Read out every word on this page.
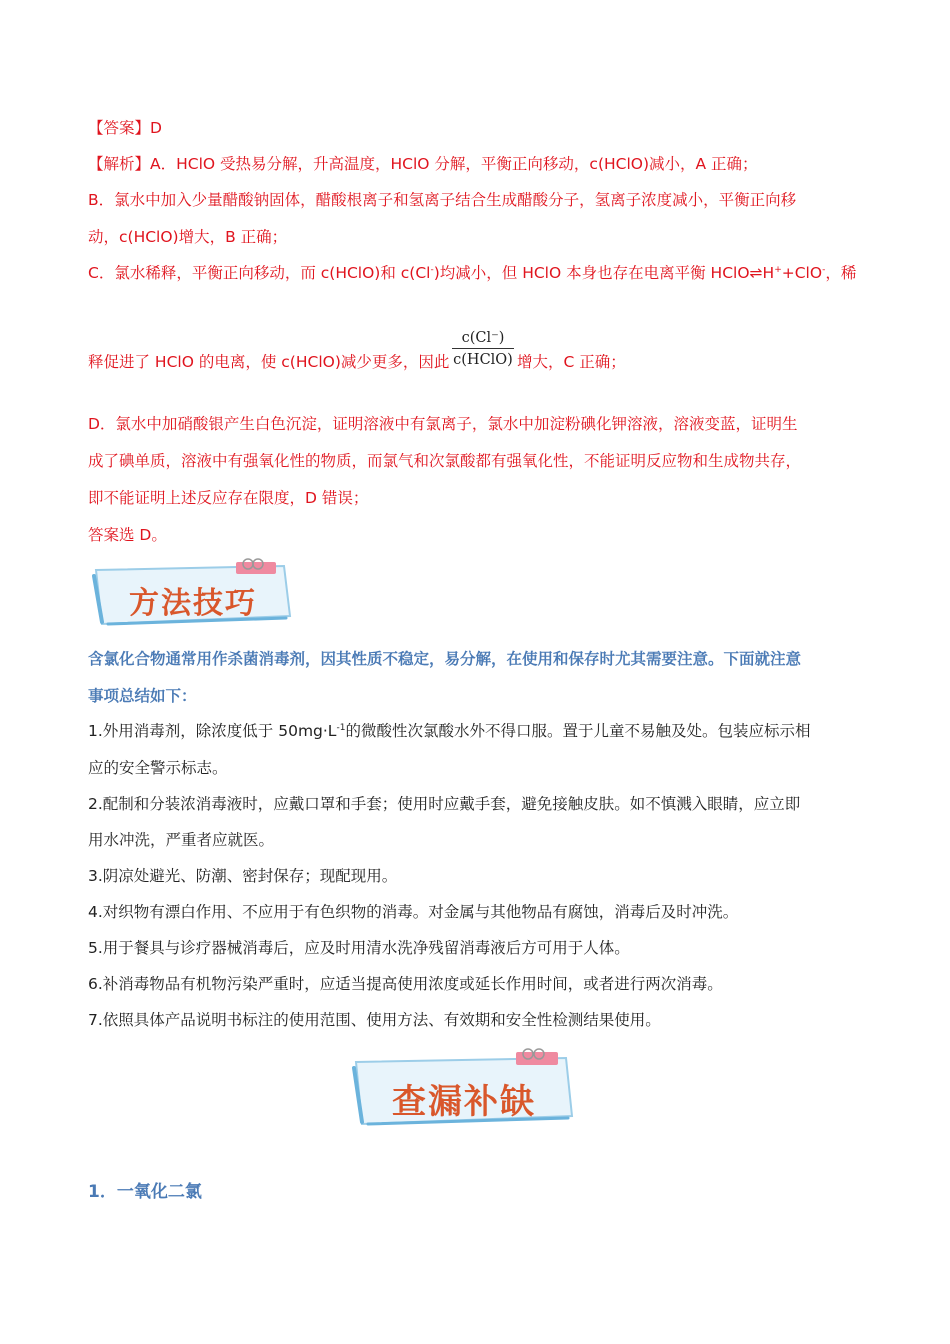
【答案】D
【解析】A．HClO 受热易分解，升高温度，HClO 分解，平衡正向移动，c(HClO)减小，A 正确；
B．氯水中加入少量醋酸钠固体，醋酸根离子和氢离子结合生成醋酸分子，氢离子浓度减小，平衡正向移
动，c(HClO)增大，B 正确；
C．氯水稀释，平衡正向移动，而 c(HClO)和 c(Cl-)均减小，但 HClO 本身也存在电离平衡 HClO⇌H++ClO-，稀
c(Cl⁻)
c(HClO)
释促进了 HClO 的电离，使 c(HClO)减少更多，因此	增大，C 正确；
D．氯水中加硝酸银产生白色沉淀，证明溶液中有氯离子，氯水中加淀粉碘化钾溶液，溶液变蓝，证明生
成了碘单质，溶液中有强氧化性的物质，而氯气和次氯酸都有强氧化性，不能证明反应物和生成物共存，
即不能证明上述反应存在限度，D 错误；
答案选 D。
方法技巧
含氯化合物通常用作杀菌消毒剂，因其性质不稳定，易分解，在使用和保存时尤其需要注意。下面就注意
事项总结如下：
1.外用消毒剂，除浓度低于 $50mg\cdot L^{-1}$的微酸性次氯酸水外不得口服。置于儿童不易触及处。包装应标示相
应的安全警示标志。
2.配制和分装浓消毒液时，应戴口罩和手套；使用时应戴手套，避免接触皮肤。如不慎溅入眼睛，应立即
用水冲洗，严重者应就医。
3.阴凉处避光、防潮、密封保存；现配现用。
4.对织物有漂白作用、不应用于有色织物的消毒。对金属与其他物品有腐蚀，消毒后及时冲洗。
5.用于餐具与诊疗器械消毒后，应及时用清水洗净残留消毒液后方可用于人体。
6.补消毒物品有机物污染严重时，应适当提高使用浓度或延长作用时间，或者进行两次消毒。
7.依照具体产品说明书标注的使用范围、使用方法、有效期和安全性检测结果使用。
查漏补缺
1．一氧化二氯
